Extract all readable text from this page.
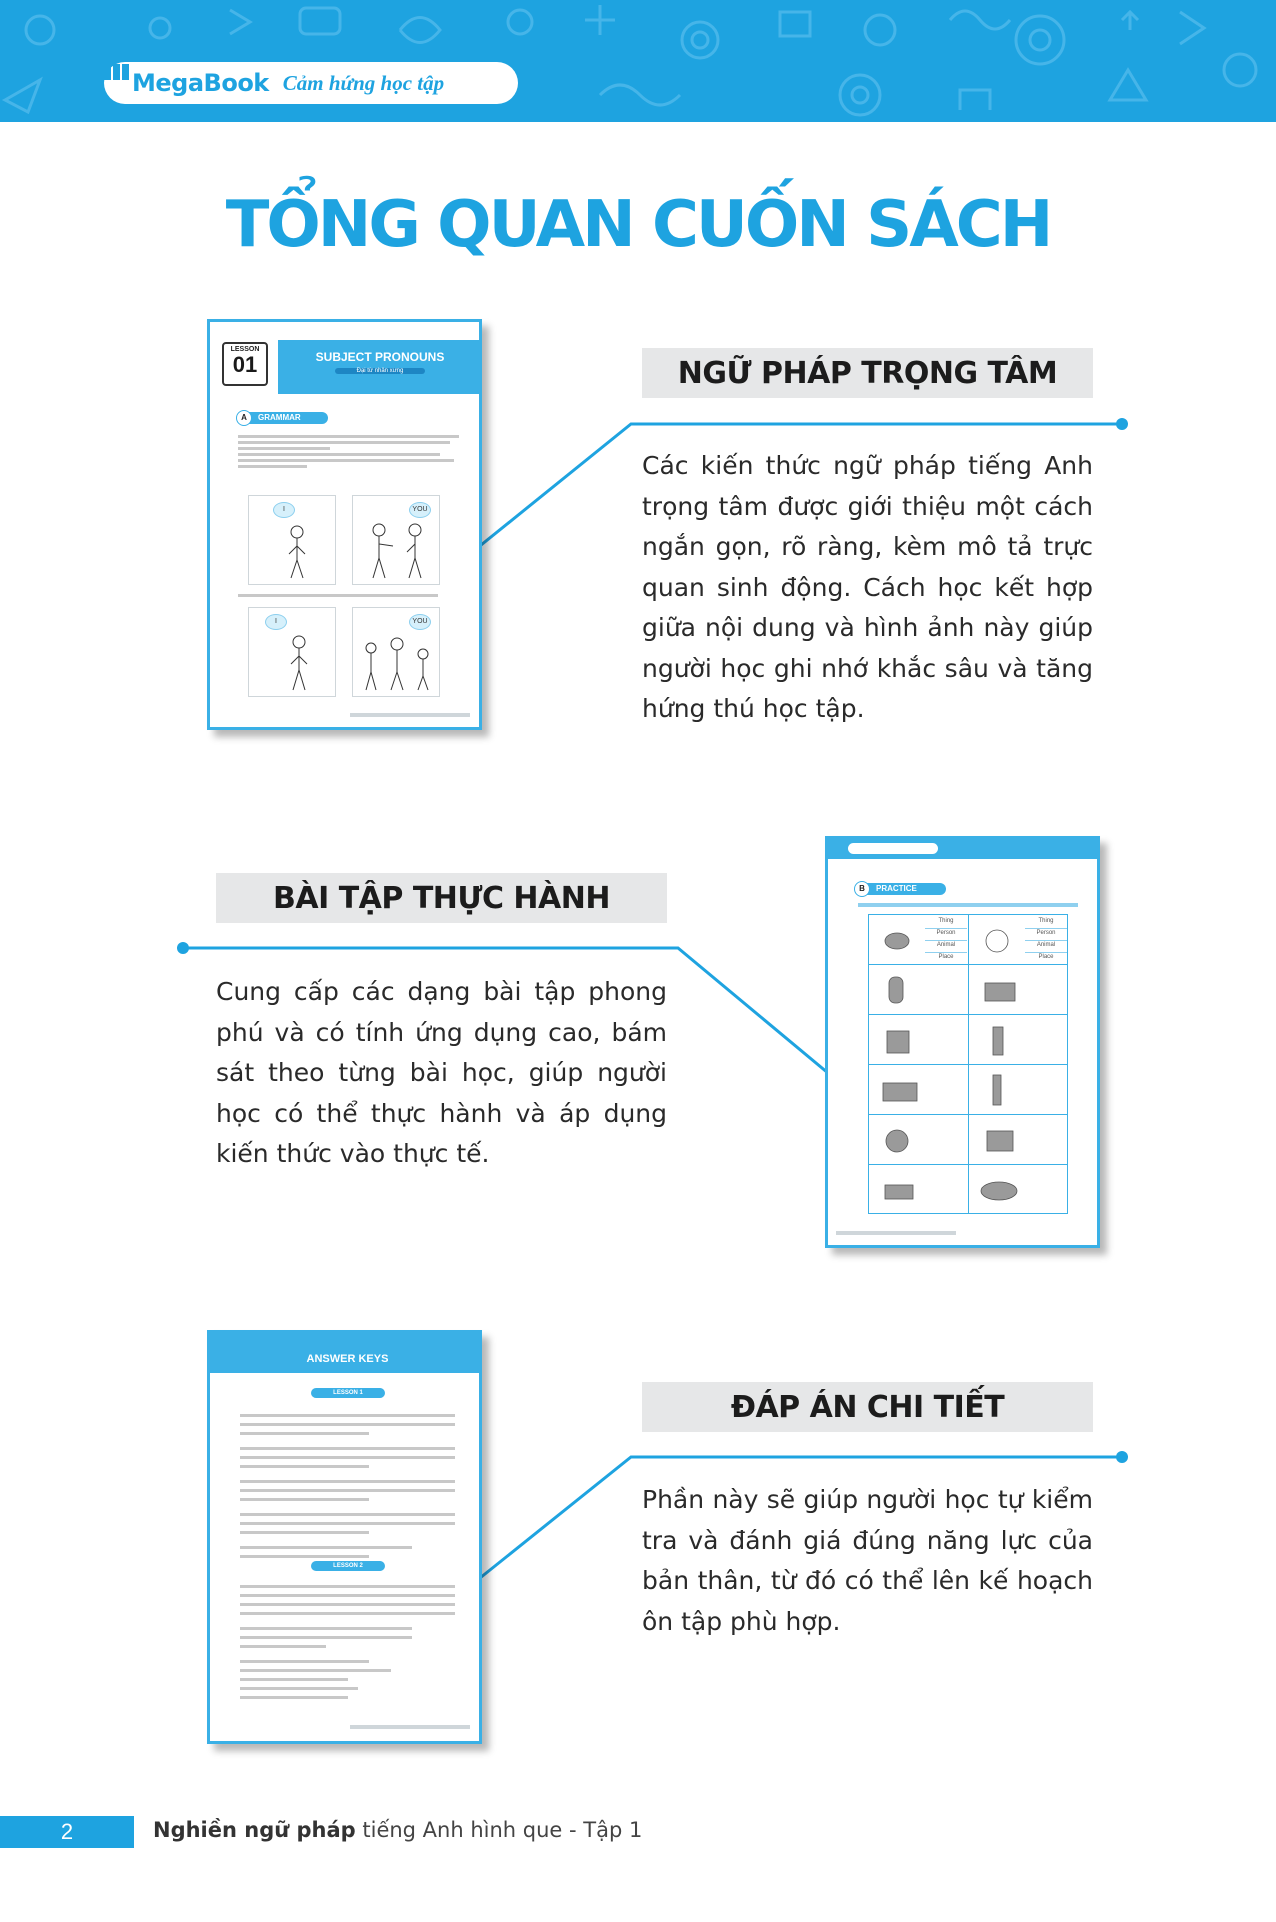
MegaBook Cảm hứng học tập
TỔNG QUAN CUỐN SÁCH
LESSON
01	SUBJECT PRONOUNS
Đại từ nhân xưng
A	GRAMMAR
I	YOU
I	YOU
NGỮ PHÁP TRỌNG TÂM
Các kiến thức ngữ pháp tiếng Anh trọng tâm được giới thiệu một cách ngắn gọn, rõ ràng, kèm mô tả trực quan sinh động. Cách học kết hợp giữa nội dung và hình ảnh này giúp người học ghi nhớ khắc sâu và tăng hứng thú học tập.
BÀI TẬP THỰC HÀNH
Cung cấp các dạng bài tập phong phú và có tính ứng dụng cao, bám sát theo từng bài học, giúp người học có thể thực hành và áp dụng kiến thức vào thực tế.
B	PRACTICE
Thing
Person
Animal
Place
Thing
Person
Animal
Place
ANSWER KEYS
LESSON 1
LESSON 2
ĐÁP ÁN CHI TIẾT
Phần này sẽ giúp người học tự kiểm tra và đánh giá đúng năng lực của bản thân, từ đó có thể lên kế hoạch ôn tập phù hợp.
2	Nghiền ngữ pháp tiếng Anh hình que - Tập 1
